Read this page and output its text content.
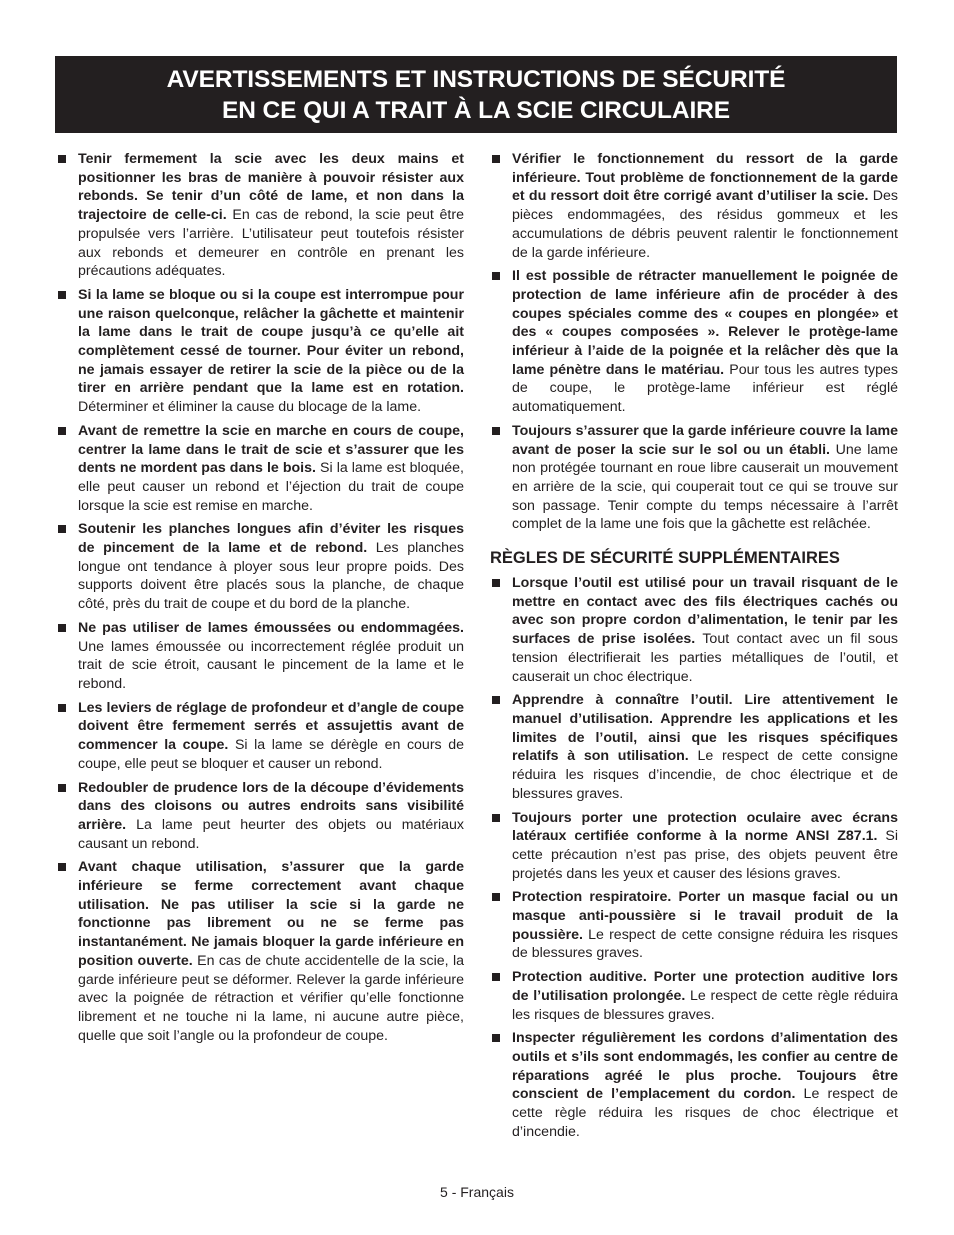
AVERTISSEMENTS ET INSTRUCTIONS DE SÉCURITÉ
EN CE QUI A TRAIT À LA SCIE CIRCULAIRE
Tenir fermement la scie avec les deux mains et positionner les bras de manière à pouvoir résister aux rebonds. Se tenir d’un côté de lame, et non dans la trajectoire de celle-ci. En cas de rebond, la scie peut être propulsée vers l’arrière. L’utilisateur peut toutefois résister aux rebonds et demeurer en contrôle en prenant les précautions adéquates.
Si la lame se bloque ou si la coupe est interrompue pour une raison quelconque, relâcher la gâchette et maintenir la lame dans le trait de coupe jusqu’à ce qu’elle ait complètement cessé de tourner. Pour éviter un rebond, ne jamais essayer de retirer la scie de la pièce ou de la tirer en arrière pendant que la lame est en rotation. Déterminer et éliminer la cause du blocage de la lame.
Avant de remettre la scie en marche en cours de coupe, centrer la lame dans le trait de scie et s’assurer que les dents ne mordent pas dans le bois. Si la lame est bloquée, elle peut causer un rebond et l’éjection du trait de coupe lorsque la scie est remise en marche.
Soutenir les planches longues afin d’éviter les risques de pincement de la lame et de rebond. Les planches longue ont tendance à ployer sous leur propre poids. Des supports doivent être placés sous la planche, de chaque côté, près du trait de coupe et du bord de la planche.
Ne pas utiliser de lames émoussées ou endommagées. Une lames émoussée ou incorrectement réglée produit un trait de scie étroit, causant le pincement de la lame et le rebond.
Les leviers de réglage de profondeur et d’angle de coupe doivent être fermement serrés et assujettis avant de commencer la coupe. Si la lame se dérègle en cours de coupe, elle peut se bloquer et causer un rebond.
Redoubler de prudence lors de la découpe d’évidements dans des cloisons ou autres endroits sans visibilité arrière. La lame peut heurter des objets ou matériaux causant un rebond.
Avant chaque utilisation, s’assurer que la garde inférieure se ferme correctement avant chaque utilisation. Ne pas utiliser la scie si la garde ne fonctionne pas librement ou ne se ferme pas instantanément. Ne jamais bloquer la garde inférieure en position ouverte. En cas de chute accidentelle de la scie, la garde inférieure peut se déformer. Relever la garde inférieure avec la poignée de rétraction et vérifier qu’elle fonctionne librement et ne touche ni la lame, ni aucune autre pièce, quelle que soit l’angle ou la profondeur de coupe.
Vérifier le fonctionnement du ressort de la garde inférieure. Tout problème de fonctionnement de la garde et du ressort doit être corrigé avant d’utiliser la scie. Des pièces endommagées, des résidus gommeux et les accumulations de débris peuvent ralentir le fonctionnement de la garde inférieure.
Il est possible de rétracter manuellement le poignée de protection de lame inférieure afin de procéder à des coupes spéciales comme des « coupes en plongée» et des « coupes composées ». Relever le protège-lame inférieur à l’aide de la poignée et la relâcher dès que la lame pénètre dans le matériau. Pour tous les autres types de coupe, le protège-lame inférieur est réglé automatiquement.
Toujours s’assurer que la garde inférieure couvre la lame avant de poser la scie sur le sol ou un établi. Une lame non protégée tournant en roue libre causerait un mouvement en arrière de la scie, qui couperait tout ce qui se trouve sur son passage. Tenir compte du temps nécessaire à l’arrêt complet de la lame une fois que la gâchette est relâchée.
RÈGLES DE SÉCURITÉ SUPPLÉMENTAIRES
Lorsque l’outil est utilisé pour un travail risquant de le mettre en contact avec des fils électriques cachés ou avec son propre cordon d’alimentation, le tenir par les surfaces de prise isolées. Tout contact avec un fil sous tension électrifierait les parties métalliques de l’outil, et causerait un choc électrique.
Apprendre à connaître l’outil. Lire attentivement le manuel d’utilisation. Apprendre les applications et les limites de l’outil, ainsi que les risques spécifiques relatifs à son utilisation. Le respect de cette consigne réduira les risques d’incendie, de choc électrique et de blessures graves.
Toujours porter une protection oculaire avec écrans latéraux certifiée conforme à la norme ANSI Z87.1. Si cette précaution n’est pas prise, des objets peuvent être projetés dans les yeux et causer des lésions graves.
Protection respiratoire. Porter un masque facial ou un masque anti-poussière si le travail produit de la poussière. Le respect de cette consigne réduira les risques de blessures graves.
Protection auditive. Porter une protection auditive lors de l’utilisation prolongée. Le respect de cette règle réduira les risques de blessures graves.
Inspecter régulièrement les cordons d’alimentation des outils et s’ils sont endommagés, les confier au centre de réparations agréé le plus proche. Toujours être conscient de l’emplacement du cordon. Le respect de cette règle réduira les risques de choc électrique et d’incendie.
5 - Français
